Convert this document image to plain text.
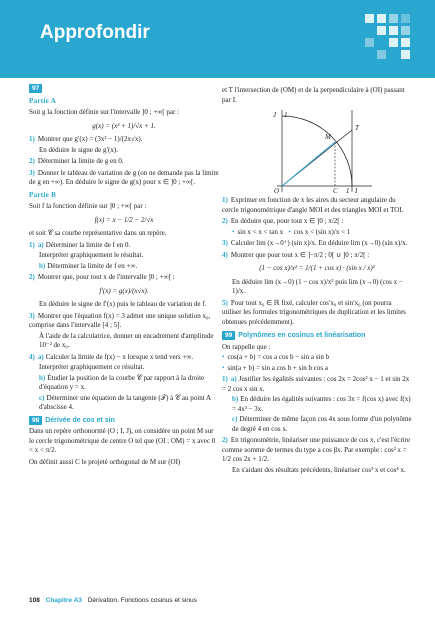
Approfondir
97
Partie A
Soit g la fonction définie sur l'intervalle ]0 ; +∞[ par :
g(x) = (x² + 1)/√x + 1.
1) Montrer que g′(x) = (3x² − 1)/(2x√x).
En déduire le signe de g′(x).
2) Déterminer la limite de g en 0.
3) Donner le tableau de variation de g (on ne demande pas la limite de g en +∞). En déduire le signe de g(x) pour x ∈ ]0 ; +∞[.
Partie B
Soit f la fonction définie sur ]0 ; +∞[ par :
f(x) = x − 1/2 − 2/√x
et soit 𝒞 sa courbe représentative dans un repère.
1) a) Déterminer la limite de f en 0.
Interpréter graphiquement le résultat.
b) Déterminer la limite de f en +∞.
2) Montrer que, pour tout x de l'intervalle ]0 ; +∞[ :
f′(x) = g(x)/(x√x).
En déduire le signe de f′(x) puis le tableau de variation de f.
3) Montrer que l'équation f(x) = 3 admet une unique solution x₀, comprise dans l'intervalle [4 ; 5].
À l'aide de la calculatrice, donner un encadrement d'amplitude 10⁻² de x₀.
4) a) Calculer la limite de f(x) − x lorsque x tend vers +∞.
Interpréter graphiquement ce résultat.
b) Étudier la position de la courbe 𝒞 par rapport à la droite d'équation y = x.
c) Déterminer une équation de la tangente (𝒯) à 𝒞 au point A d'abscisse 4.
98 Dérivée de cos et sin
Dans un repère orthonormé (O ; I, J), on considère un point M sur le cercle trigonométrique de centre O tel que (OI ; OM) = x avec 0 < x < π/2.
On définit aussi C le projeté orthogonal de M sur (OI)
et T l'intersection de (OM) et de la perpendiculaire à (OI) passant par I.
O
J 1
I
1
C
M
T
1) Exprimer en fonction de x les aires du secteur angulaire du cercle trigonométrique d'angle MOI et des triangles MOI et TOI.
2) En déduire que, pour tout x ∈ ]0 ; π/2[ :
• sin x < x < tan x • cos x < (sin x)/x < 1
3) Calculer lim (x→0⁺) (sin x)/x. En déduire lim (x→0) (sin x)/x.
4) Montrer que pour tout x ∈ ]−π/2 ; 0[ ∪ ]0 ; π/2[ :
(1 − cos x)/x² = 1/(1 + cos x) · (sin x / x)²
En déduire lim (x→0) (1 − cos x)/x² puis lim (x→0) (cos x − 1)/x.
5) Pour tout x₀ ∈ ℝ fixé, calculer cos′x₀ et sin′x₀ (on pourra utiliser les formules trigonométriques de duplication et les limites obtenues précédemment).
99 Polynômes en cosinus et linéarisation
On rappelle que :
• cos(a + b) = cos a cos b − sin a sin b
• sin(a + b) = sin a cos b + sin b cos a
1) a) Justifier les égalités suivantes : cos 2x = 2cos² x − 1 et sin 2x = 2 cos x sin x.
b) En déduire les égalités suivantes : cos 3x = f(cos x) avec f(x) = 4x³ − 3x.
c) Déterminer de même façon cos 4x sous forme d'un polynôme de degré 4 en cos x.
2) En trigonométrie, linéariser une puissance de cos x, c'est l'écrire comme somme de termes du type a cos βx. Par exemple : cos² x = 1/2 cos 2x + 1/2.
En s'aidant des résultats précédents, linéariser cos³ x et cos⁴ x.
108 Chapitre A3 Dérivation. Fonctions cosinus et sinus
